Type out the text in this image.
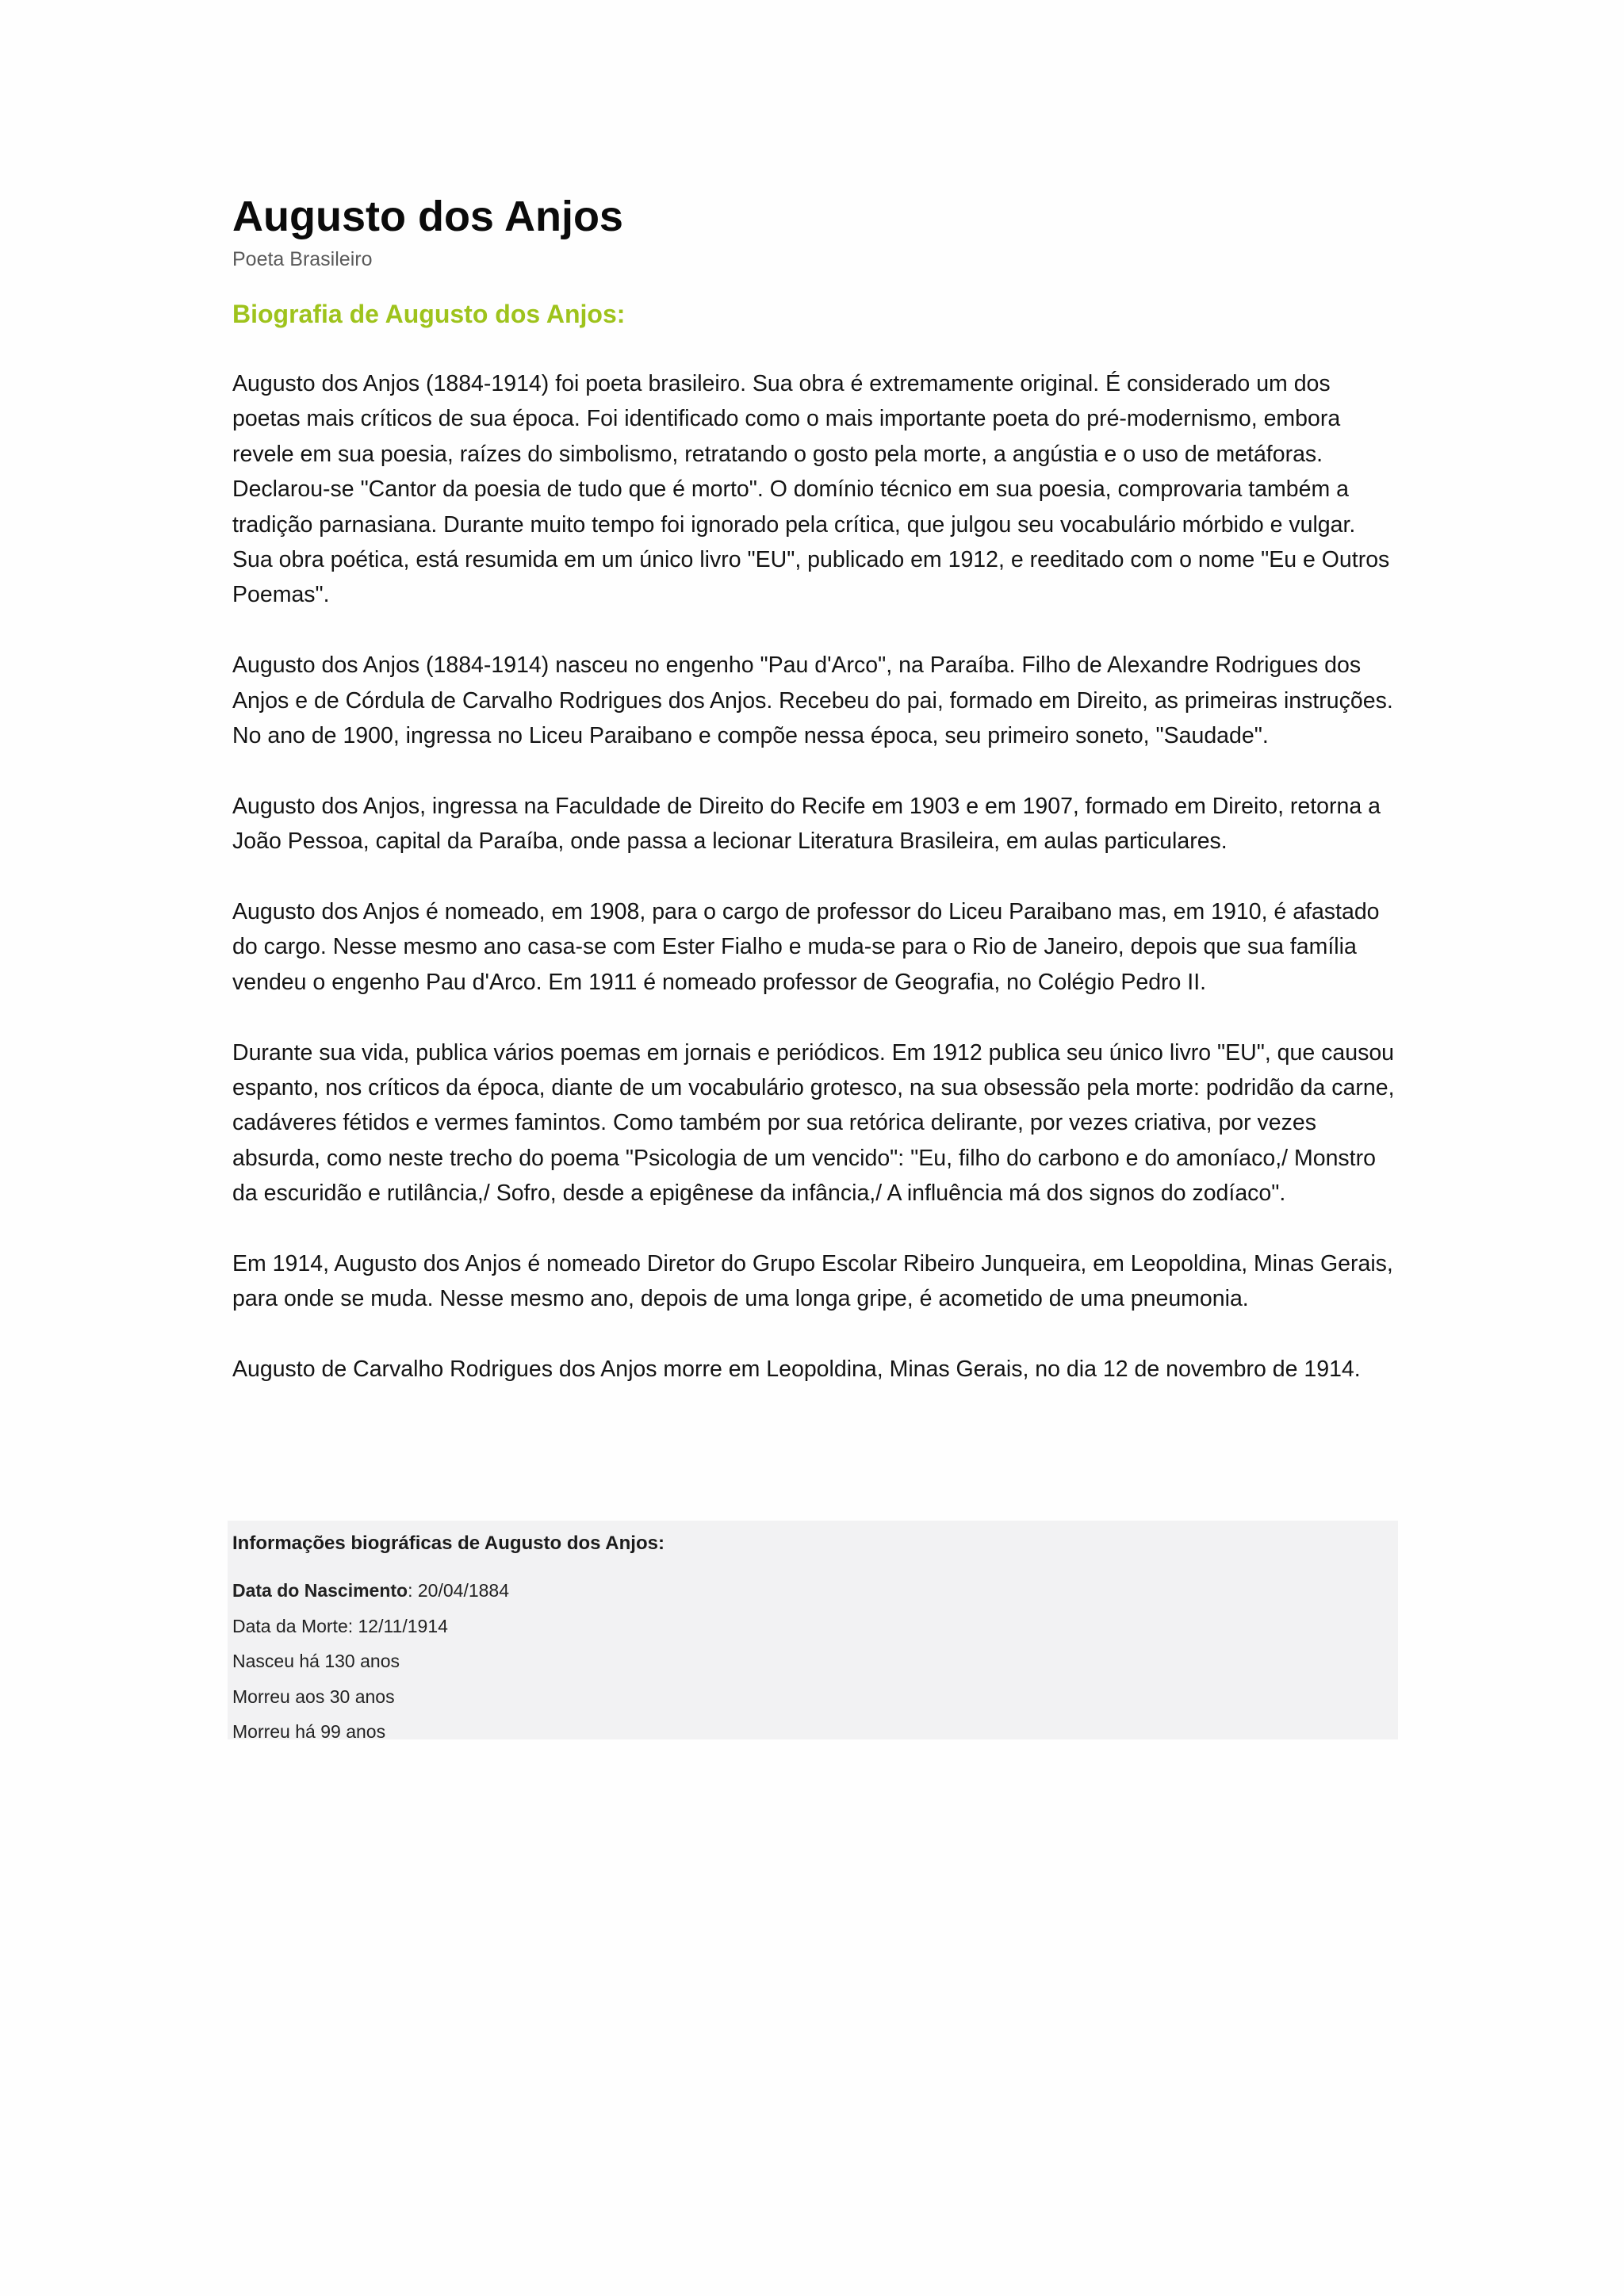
Augusto dos Anjos
Poeta Brasileiro
Biografia de Augusto dos Anjos:

Augusto dos Anjos (1884-1914) foi poeta brasileiro. Sua obra é extremamente original. É considerado um dos poetas mais críticos de sua época. Foi identificado como o mais importante poeta do pré-modernismo, embora revele em sua poesia, raízes do simbolismo, retratando o gosto pela morte, a angústia e o uso de metáforas. Declarou-se "Cantor da poesia de tudo que é morto". O domínio técnico em sua poesia, comprovaria também a tradição parnasiana. Durante muito tempo foi ignorado pela crítica, que julgou seu vocabulário mórbido e vulgar. Sua obra poética, está resumida em um único livro "EU", publicado em 1912, e reeditado com o nome "Eu e Outros Poemas".

Augusto dos Anjos (1884-1914) nasceu no engenho "Pau d'Arco", na Paraíba. Filho de Alexandre Rodrigues dos Anjos e de Córdula de Carvalho Rodrigues dos Anjos. Recebeu do pai, formado em Direito, as primeiras instruções. No ano de 1900, ingressa no Liceu Paraibano e compõe nessa época, seu primeiro soneto, "Saudade".

Augusto dos Anjos, ingressa na Faculdade de Direito do Recife em 1903 e em 1907, formado em Direito, retorna a João Pessoa, capital da Paraíba, onde passa a lecionar Literatura Brasileira, em aulas particulares.

Augusto dos Anjos é nomeado, em 1908, para o cargo de professor do Liceu Paraibano mas, em 1910, é afastado do cargo. Nesse mesmo ano casa-se com Ester Fialho e muda-se para o Rio de Janeiro, depois que sua família vendeu o engenho Pau d'Arco. Em 1911 é nomeado professor de Geografia, no Colégio Pedro II.

Durante sua vida, publica vários poemas em jornais e periódicos. Em 1912 publica seu único livro "EU", que causou espanto, nos críticos da época, diante de um vocabulário grotesco, na sua obsessão pela morte: podridão da carne, cadáveres fétidos e vermes famintos. Como também por sua retórica delirante, por vezes criativa, por vezes absurda, como neste trecho do poema "Psicologia de um vencido": "Eu, filho do carbono e do amoníaco,/ Monstro da escuridão e rutilância,/ Sofro, desde a epigênese da infância,/ A influência má dos signos do zodíaco".

Em 1914, Augusto dos Anjos é nomeado Diretor do Grupo Escolar Ribeiro Junqueira, em Leopoldina, Minas Gerais, para onde se muda. Nesse mesmo ano, depois de uma longa gripe, é acometido de uma pneumonia.

Augusto de Carvalho Rodrigues dos Anjos morre em Leopoldina, Minas Gerais, no dia 12 de novembro de 1914.

Informações biográficas de Augusto dos Anjos:
Data do Nascimento: 20/04/1884
Data da Morte: 12/11/1914
Nasceu há 130 anos
Morreu aos 30 anos
Morreu há 99 anos
